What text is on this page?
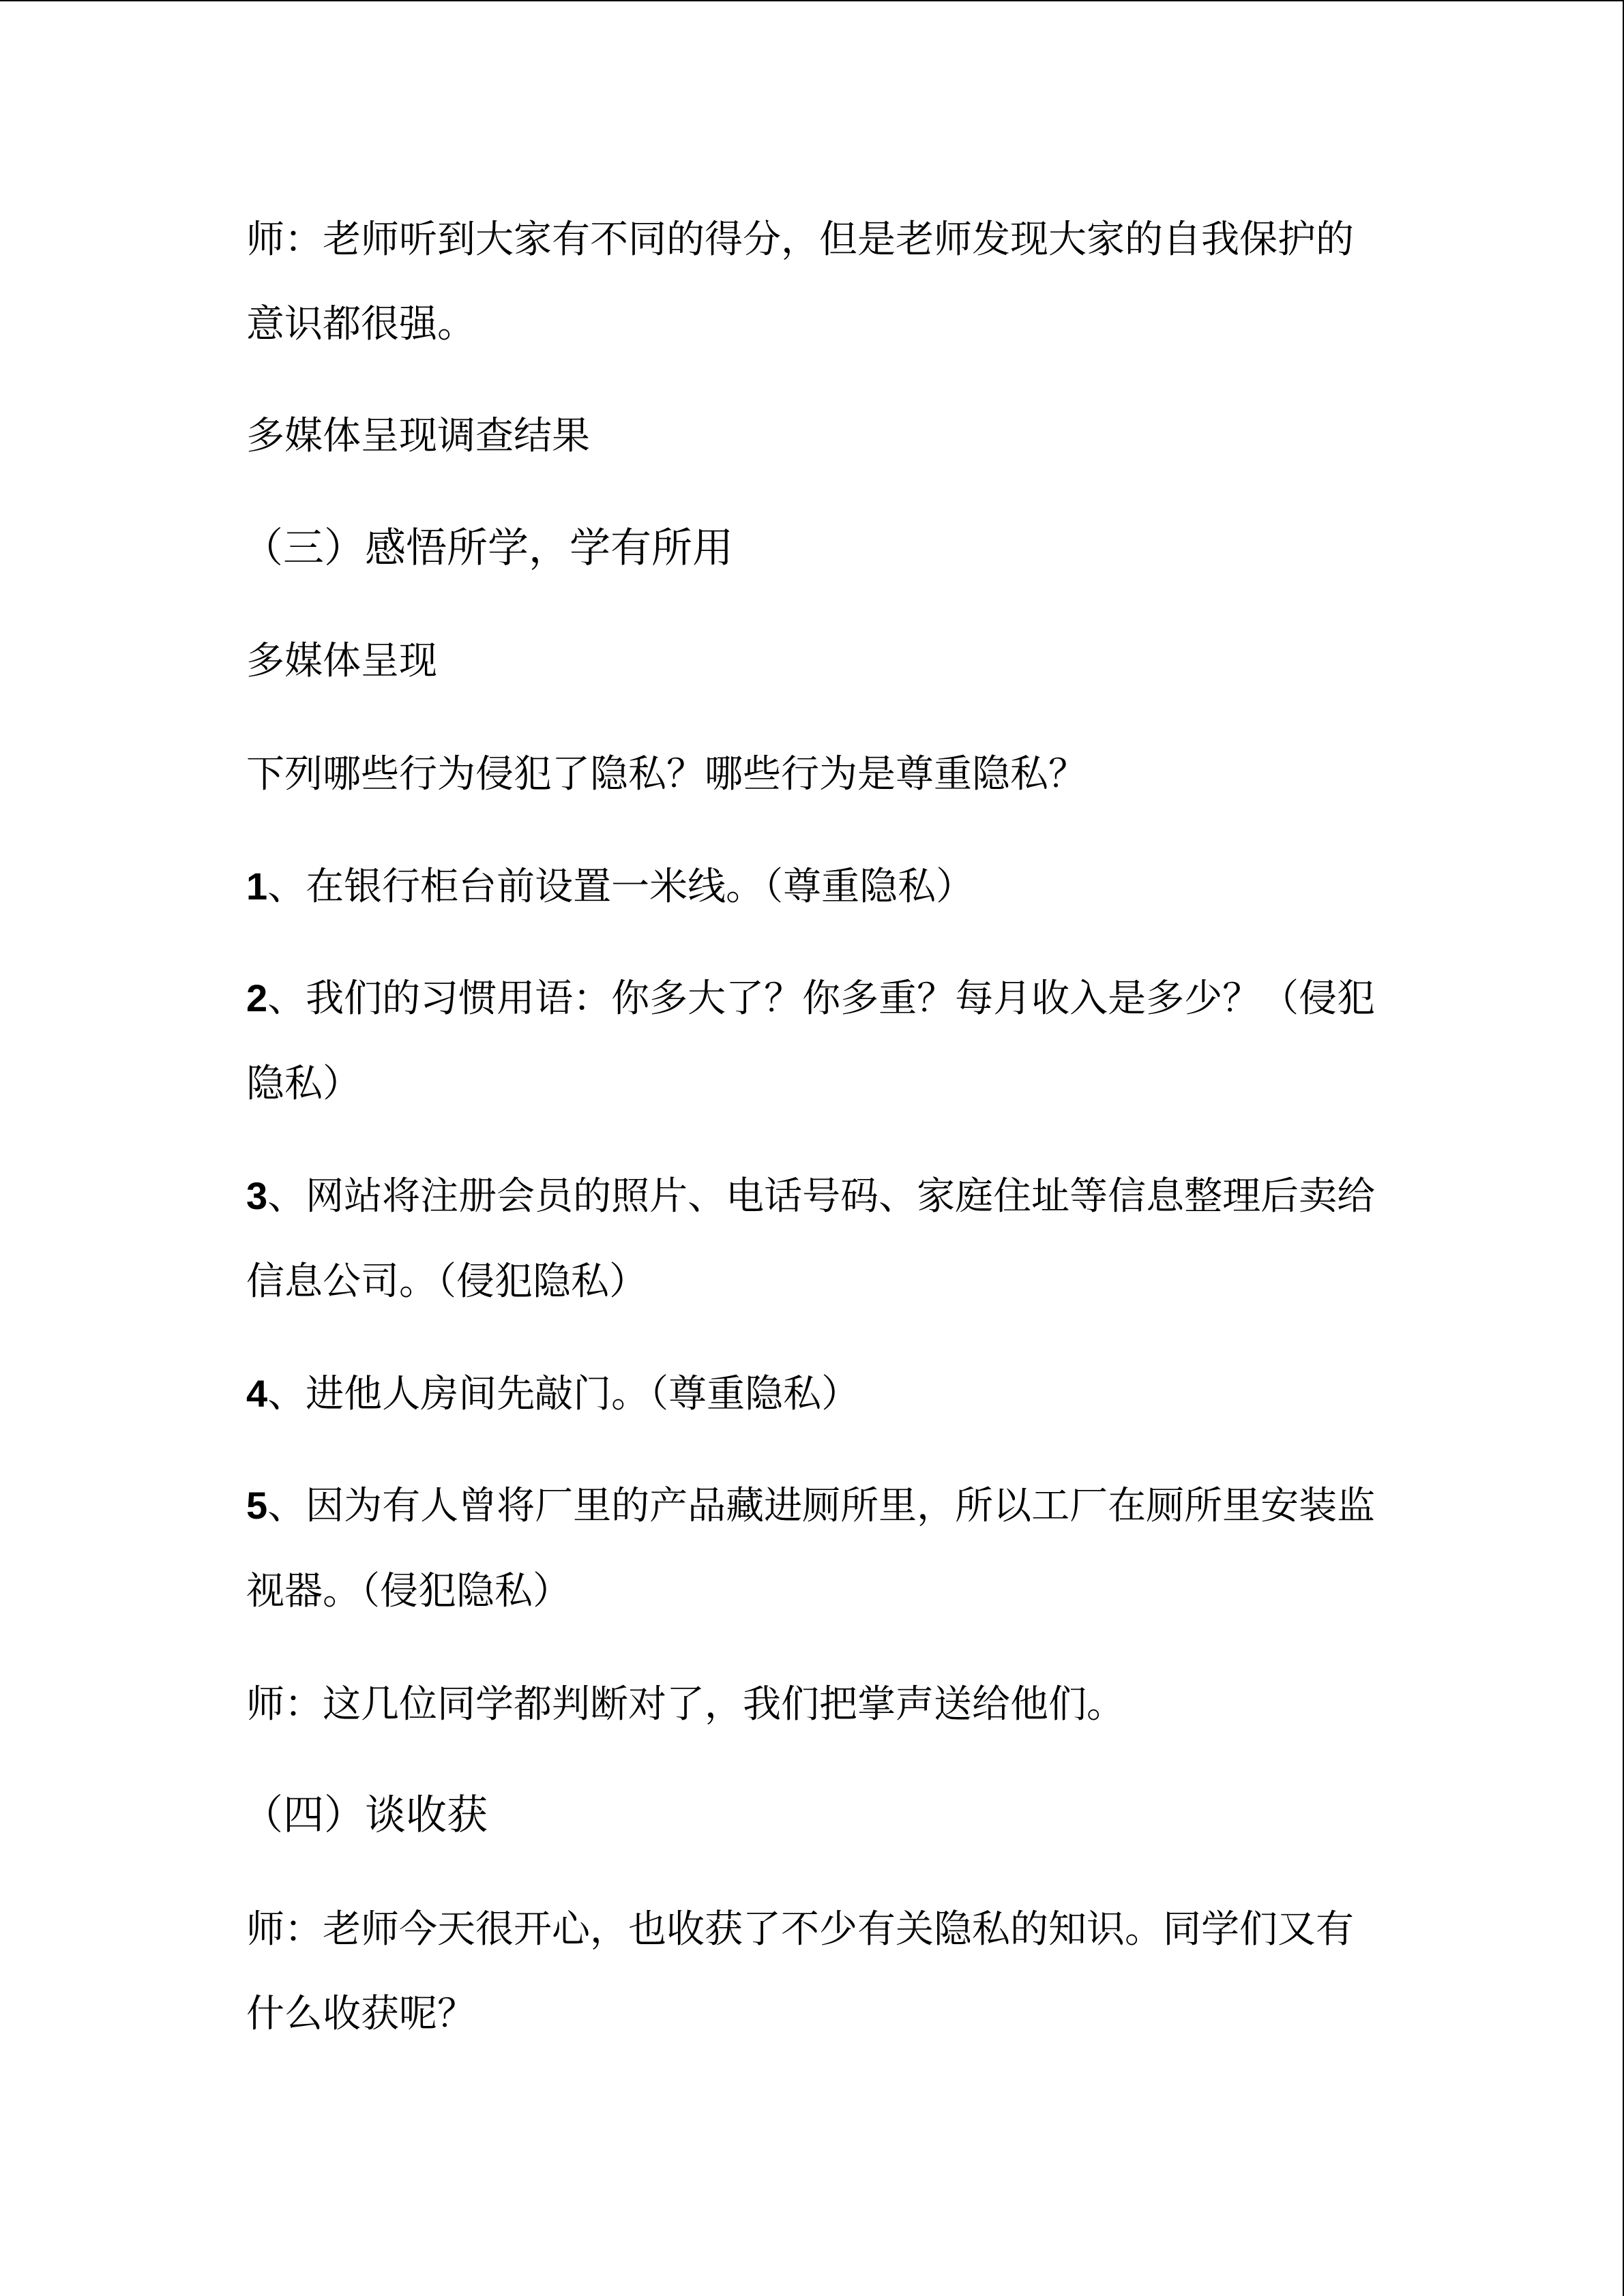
师：老师听到大家有不同的得分，但是老师发现大家的自我保护的

意识都很强。

多媒体呈现调查结果

（三）感悟所学，学有所用

多媒体呈现

下列哪些行为侵犯了隐私？哪些行为是尊重隐私？

1、在银行柜台前设置一米线。（尊重隐私）

2、我们的习惯用语：你多大了？你多重？每月收入是多少？（侵犯

隐私）

3、网站将注册会员的照片、电话号码、家庭住址等信息整理后卖给

信息公司。（侵犯隐私）

4、进他人房间先敲门。（尊重隐私）

5、因为有人曾将厂里的产品藏进厕所里，所以工厂在厕所里安装监

视器。（侵犯隐私）

师：这几位同学都判断对了，我们把掌声送给他们。

（四）谈收获

师：老师今天很开心，也收获了不少有关隐私的知识。同学们又有

什么收获呢？
